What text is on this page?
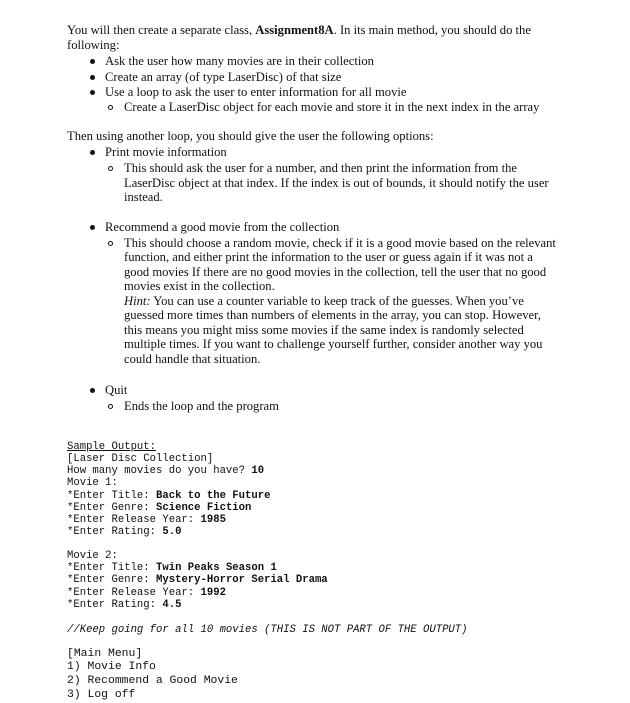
You will then create a separate class, Assignment8A. In its main method, you should do the
following:
Ask the user how many movies are in their collection
Create an array (of type LaserDisc) of that size
Use a loop to ask the user to enter information for all movie
Create a LaserDisc object for each movie and store it in the next index in the array
Then using another loop, you should give the user the following options:
Print movie information
This should ask the user for a number, and then print the information from the
LaserDisc object at that index. If the index is out of bounds, it should notify the user
instead.
Recommend a good movie from the collection
This should choose a random movie, check if it is a good movie based on the relevant
function, and either print the information to the user or guess again if it was not a
good movies If there are no good movies in the collection, tell the user that no good
movies exist in the collection.
Hint: You can use a counter variable to keep track of the guesses. When you’ve
guessed more times than numbers of elements in the array, you can stop. However,
this means you might miss some movies if the same index is randomly selected
multiple times. If you want to challenge yourself further, consider another way you
could handle that situation.
Quit
Ends the loop and the program
Sample Output:
[Laser Disc Collection]
How many movies do you have? 10
Movie 1:
*Enter Title: Back to the Future
*Enter Genre: Science Fiction
*Enter Release Year: 1985
*Enter Rating: 5.0
Movie 2:
*Enter Title: Twin Peaks Season 1
*Enter Genre: Mystery-Horror Serial Drama
*Enter Release Year: 1992
*Enter Rating: 4.5
//Keep going for all 10 movies (THIS IS NOT PART OF THE OUTPUT)
[Main Menu]
1) Movie Info
2) Recommend a Good Movie
3) Log off
